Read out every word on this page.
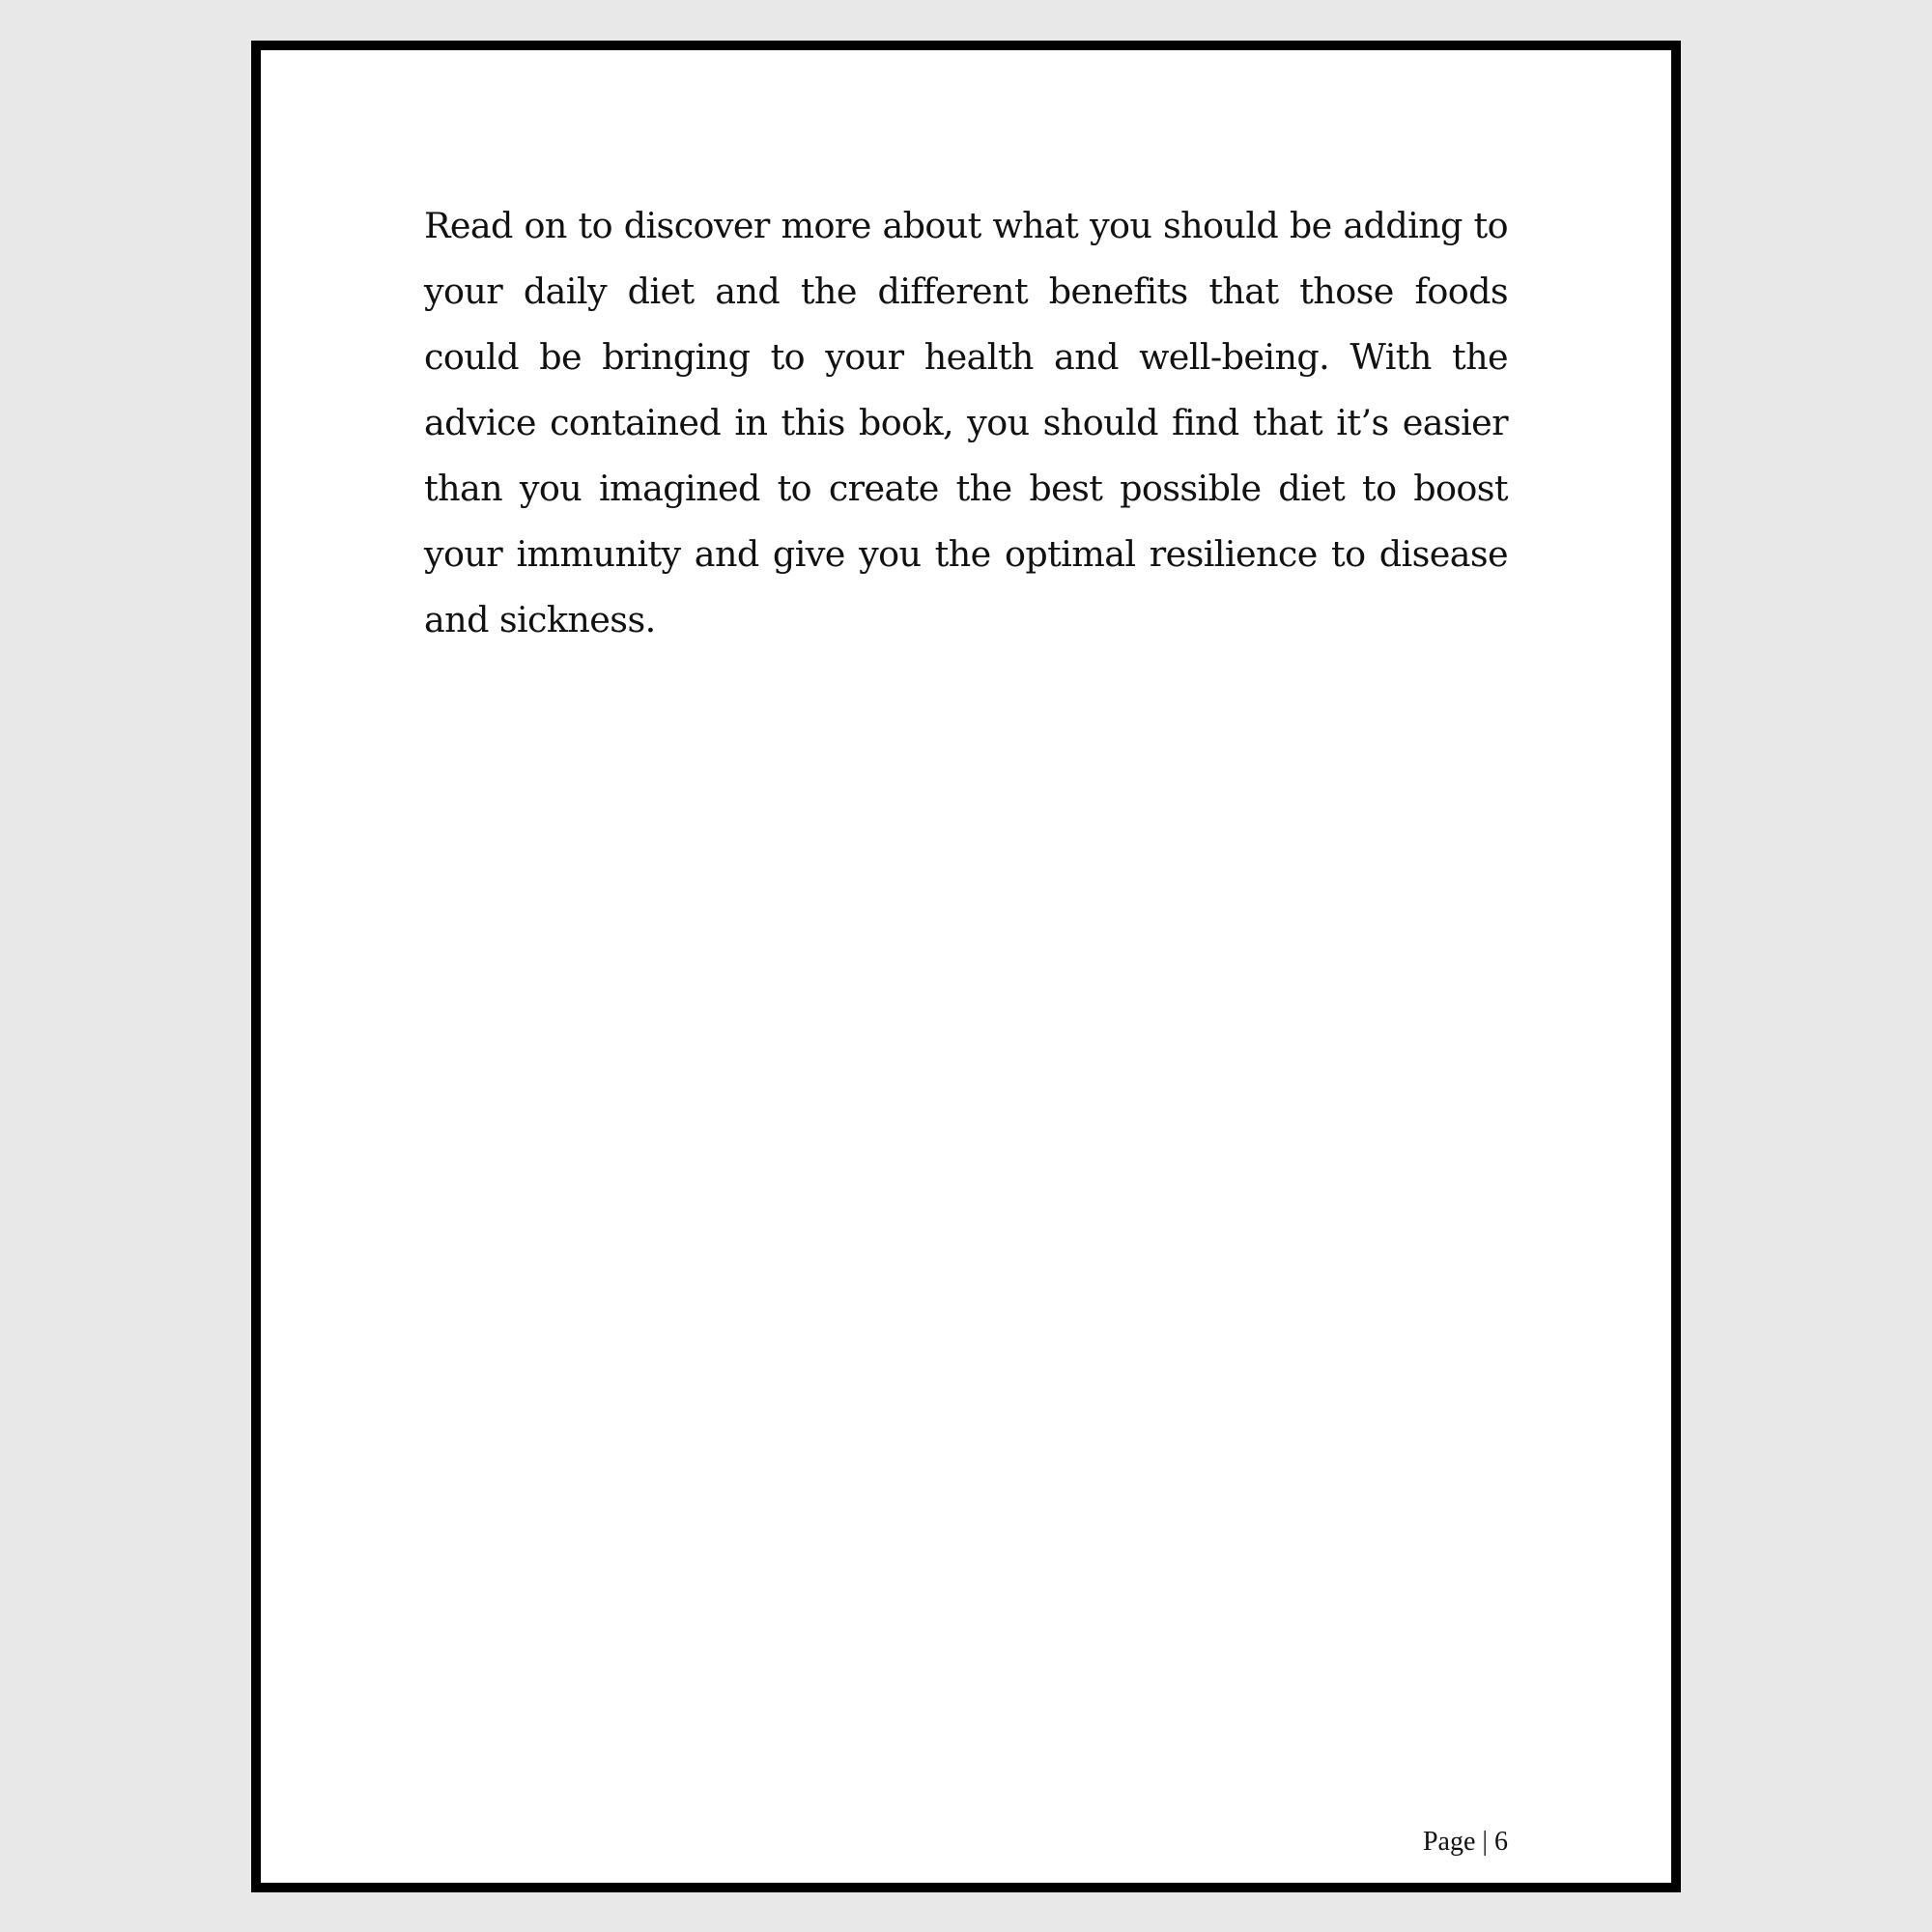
Read on to discover more about what you should be adding to your daily diet and the different benefits that those foods could be bringing to your health and well-being. With the advice contained in this book, you should find that it’s easier than you imagined to create the best possible diet to boost your immunity and give you the optimal resilience to disease and sickness.

Page | 6
